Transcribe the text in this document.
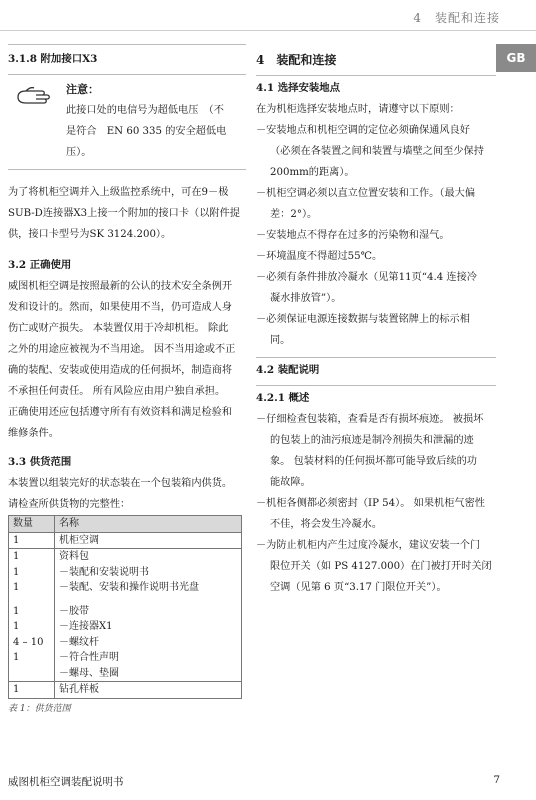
4　装配和连接
GB

3.1.8 附加接口X3

注意：

此接口处的电信号为超低电压　（不

是符合　EN 60 335 的安全超低电

压）。

为了将机柜空调并入上级监控系统中，可在9－极

SUB-D连接器X3上接一个附加的接口卡（以附件提

供，接口卡型号为SK 3124.200）。

3.2 正确使用

威图机柜空调是按照最新的公认的技术安全条例开

发和设计的。然而，如果使用不当，仍可造成人身

伤亡或财产损失。 本装置仅用于冷却机柜。 除此

之外的用途应被视为不当用途。 因不当用途或不正

确的装配、安装或使用造成的任何损坏，制造商将

不承担任何责任。 所有风险应由用户独自承担。

正确使用还应包括遵守所有有效资料和满足检验和

维修条件。

3.3 供货范围

本装置以组装完好的状态装在一个包装箱内供货。

请检查所供货物的完整性：

数量	名称
1	机柜空调
1	资料包
1	－装配和安装说明书
1	－装配、安装和操作说明书光盘

1	－胶带
1	－连接器X1
4 – 10	－螺纹杆
1	－符合性声明
	－螺母、垫圈
1	钻孔样板
表 1：供货范围

4　装配和连接

4.1 选择安装地点

在为机柜选择安装地点时，请遵守以下原则：

－安装地点和机柜空调的定位必须确保通风良好
（必须在各装置之间和装置与墙壁之间至少保持
200mm的距离）。
－机柜空调必须以直立位置安装和工作。（最大偏
差：2°）。
－安装地点不得存在过多的污染物和湿气。
－环境温度不得超过55℃。
－必须有条件排放冷凝水（见第11页“4.4 连接冷
凝水排放管”）。
－必须保证电源连接数据与装置铭牌上的标示相
同。

4.2 装配说明

4.2.1 概述

－仔细检查包装箱，查看是否有损坏痕迹。 被损坏
的包装上的油污痕迹是制冷剂损失和泄漏的迹
象。 包装材料的任何损坏都可能导致后续的功
能故障。
－机柜各侧都必须密封（IP 54）。 如果机柜气密性
不佳，将会发生冷凝水。
－为防止机柜内产生过度冷凝水，建议安装一个门
限位开关（如 PS 4127.000）在门被打开时关闭
空调（见第 6 页“3.17 门限位开关”）。
威图机柜空调装配说明书	7
